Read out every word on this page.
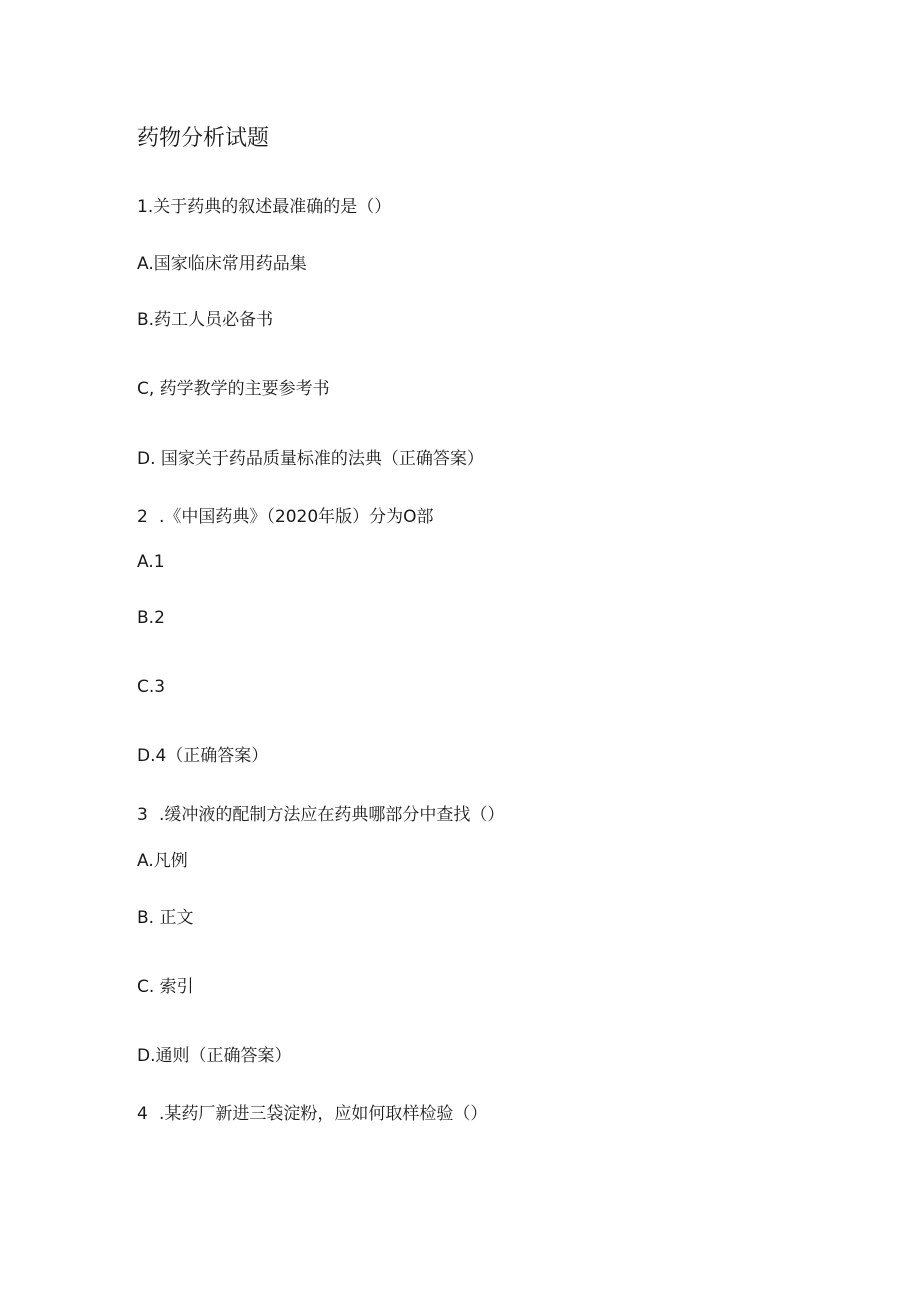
药物分析试题
1.关于药典的叙述最准确的是（）
A.国家临床常用药品集
B.药工人员必备书
C, 药学教学的主要参考书
D. 国家关于药品质量标准的法典（正确答案）
2 .《中国药典》（2020年版）分为O部
A.1
B.2
C.3
D.4（正确答案）
3 .缓冲液的配制方法应在药典哪部分中查找（）
A.凡例
B. 正文
C. 索引
D.通则（正确答案）
4 .某药厂新进三袋淀粉，应如何取样检验（）
